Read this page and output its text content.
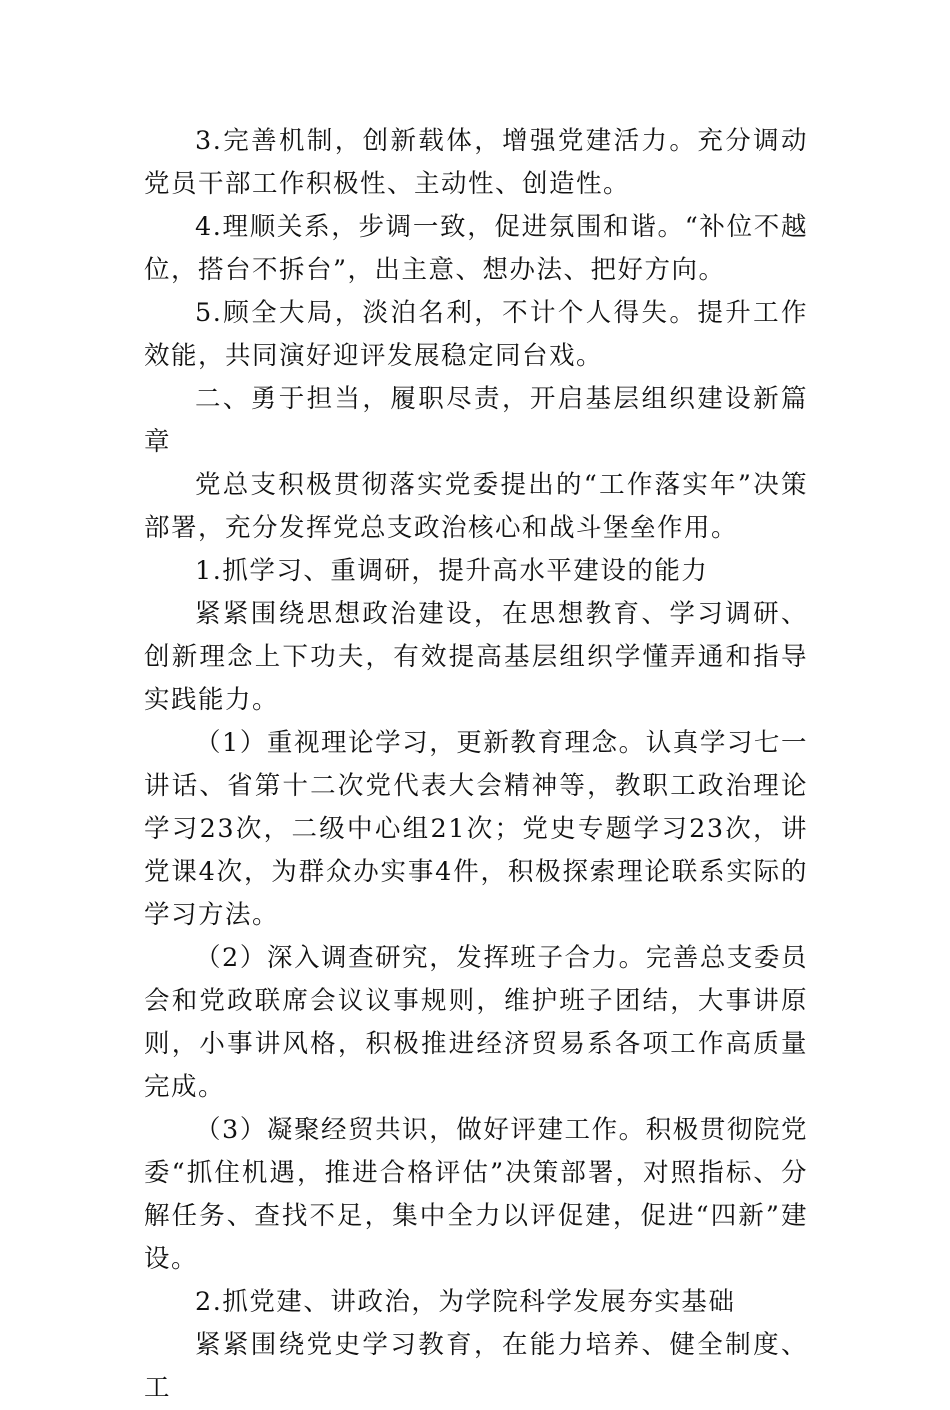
3.完善机制，创新载体，增强党建活力。充分调动党员干部工作积极性、主动性、创造性。

4.理顺关系，步调一致，促进氛围和谐。“补位不越位，搭台不拆台”，出主意、想办法、把好方向。

5.顾全大局，淡泊名利，不计个人得失。提升工作效能，共同演好迎评发展稳定同台戏。

二、勇于担当，履职尽责，开启基层组织建设新篇章

党总支积极贯彻落实党委提出的“工作落实年”决策部署，充分发挥党总支政治核心和战斗堡垒作用。

1.抓学习、重调研，提升高水平建设的能力

紧紧围绕思想政治建设，在思想教育、学习调研、创新理念上下功夫，有效提高基层组织学懂弄通和指导实践能力。

（1）重视理论学习，更新教育理念。认真学习七一讲话、省第十二次党代表大会精神等，教职工政治理论学习23次，二级中心组21次；党史专题学习23次，讲党课4次，为群众办实事4件，积极探索理论联系实际的学习方法。

（2）深入调查研究，发挥班子合力。完善总支委员会和党政联席会议议事规则，维护班子团结，大事讲原则，小事讲风格，积极推进经济贸易系各项工作高质量完成。

（3）凝聚经贸共识，做好评建工作。积极贯彻院党委“抓住机遇，推进合格评估”决策部署，对照指标、分解任务、查找不足，集中全力以评促建，促进“四新”建设。

2.抓党建、讲政治，为学院科学发展夯实基础

紧紧围绕党史学习教育，在能力培养、健全制度、工
